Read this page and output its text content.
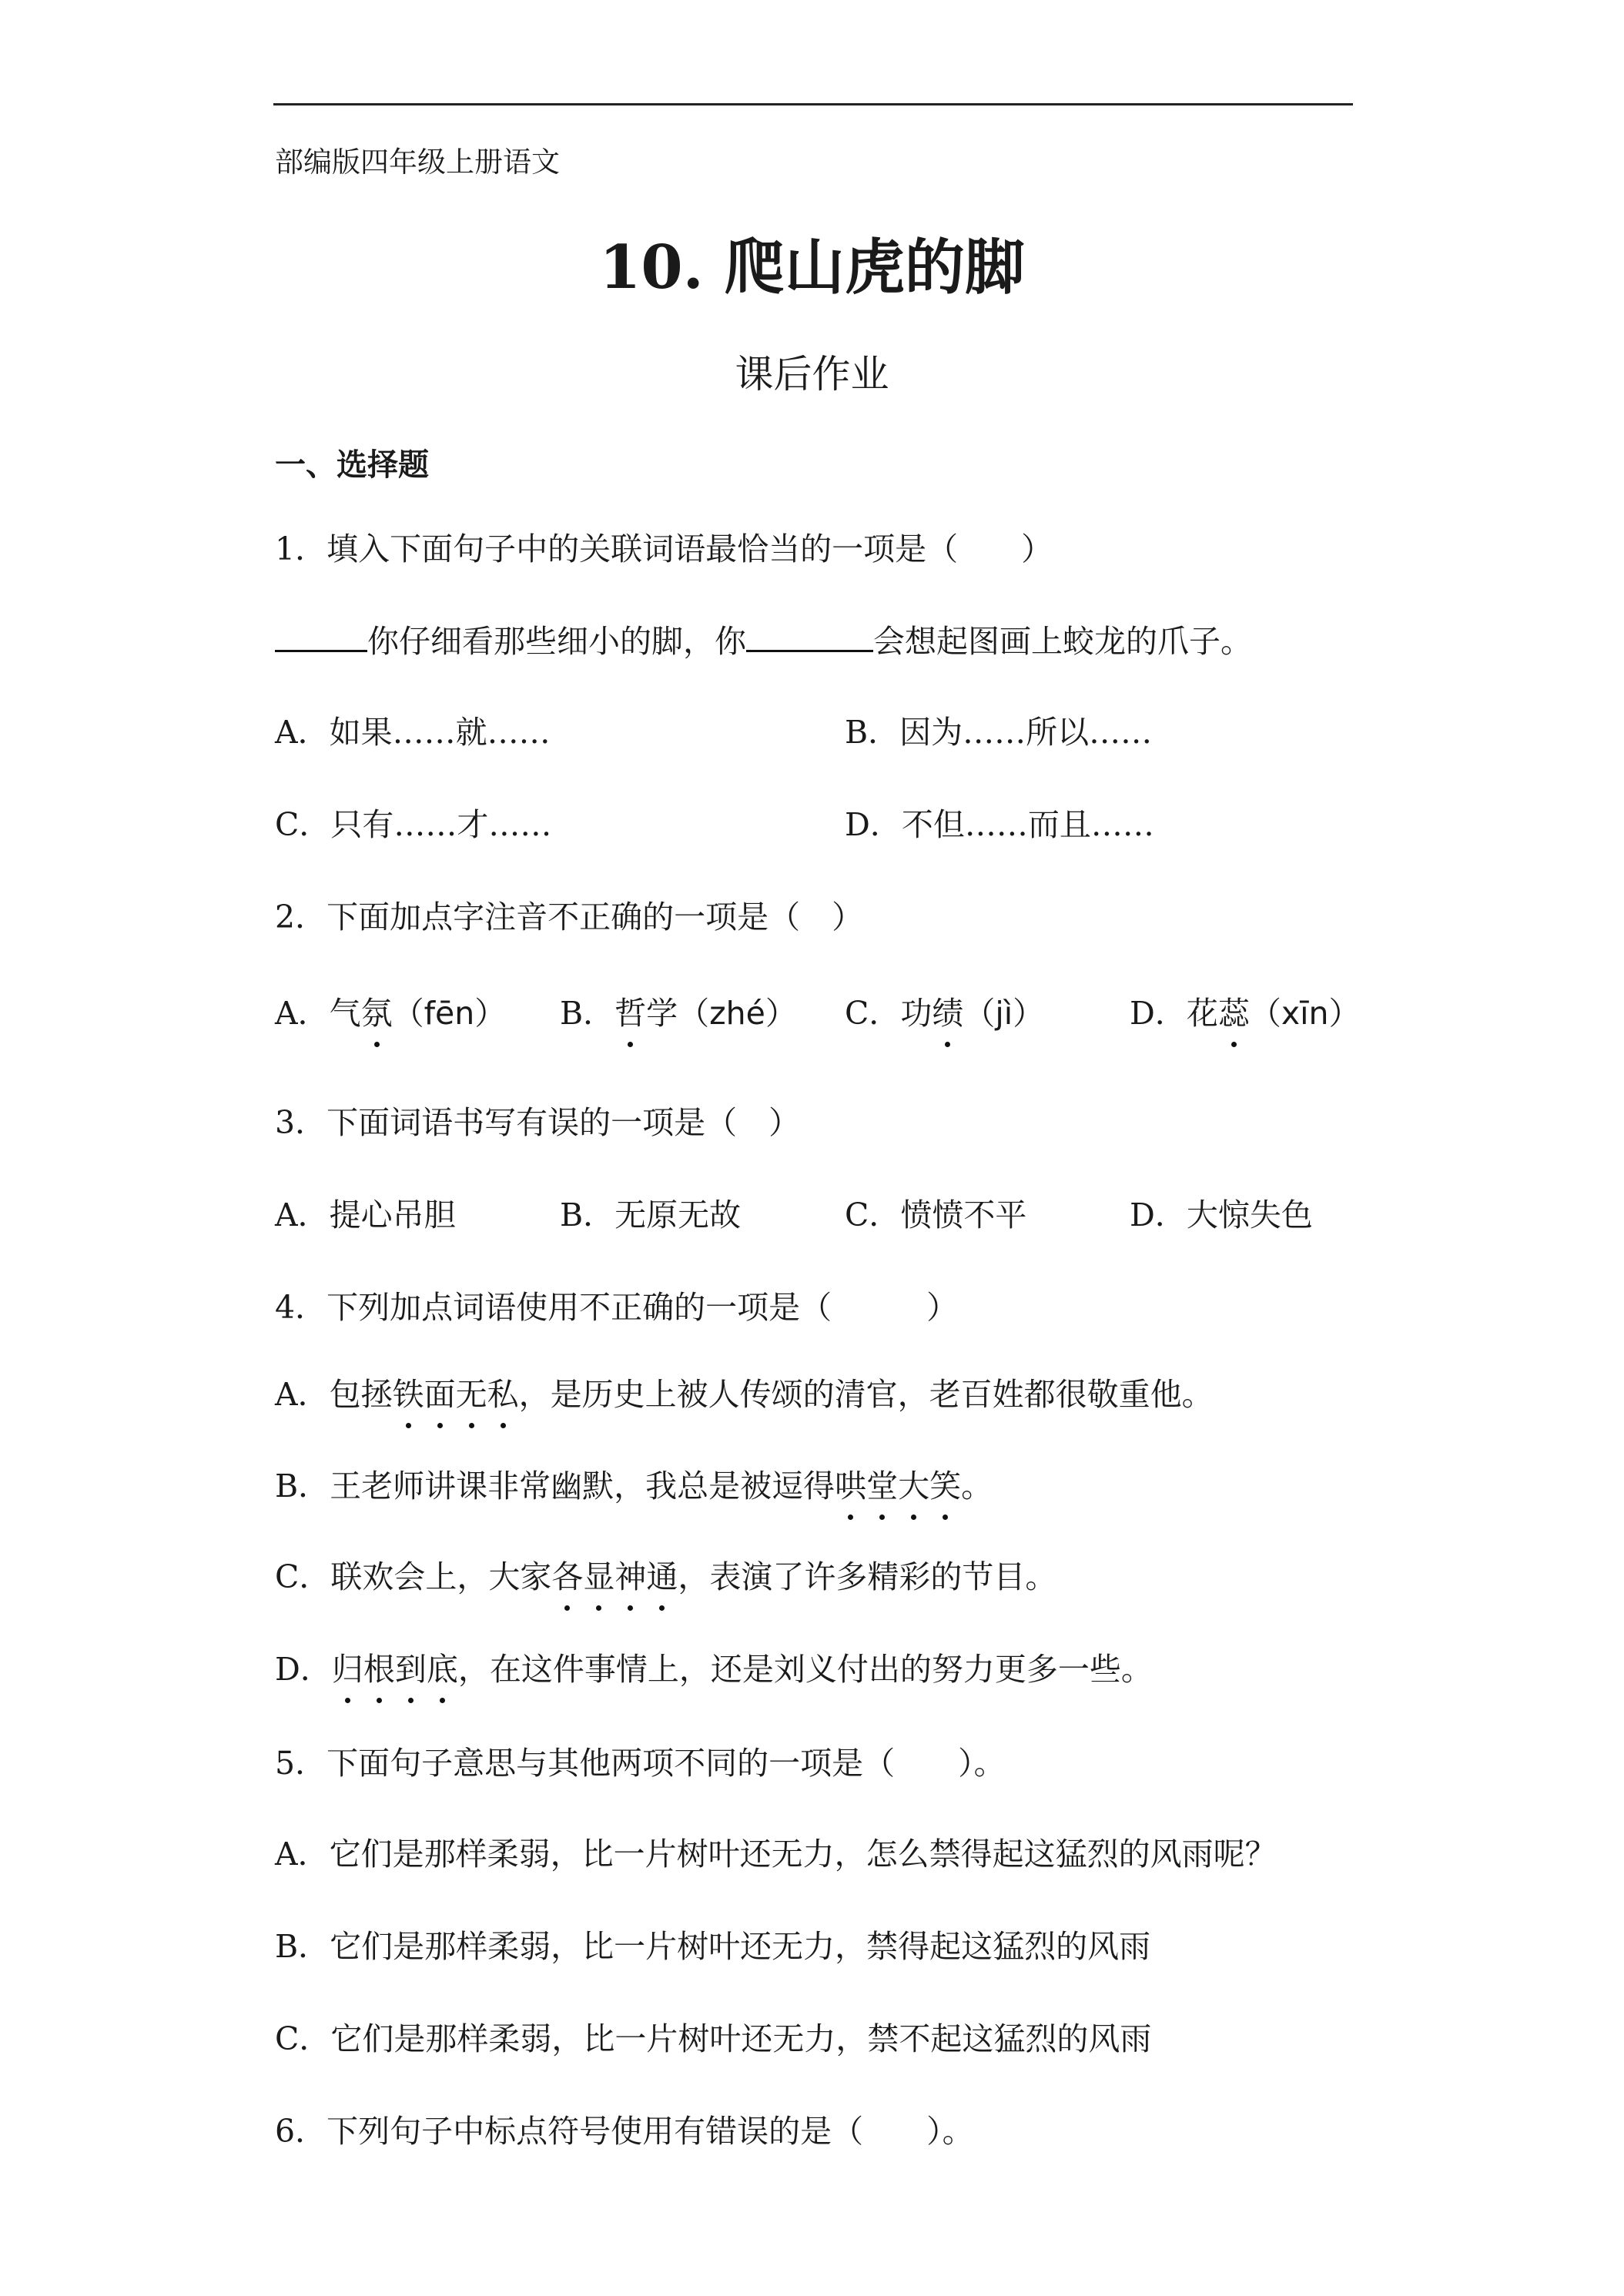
部编版四年级上册语文
10. 爬山虎的脚
课后作业
一、选择题
1．填入下面句子中的关联词语最恰当的一项是（　　）
你仔细看那些细小的脚，你	会想起图画上蛟龙的爪子。
A．如果……就……	B．因为……所以……
C．只有……才……	D．不但……而且……
2．下面加点字注音不正确的一项是（　）
A．气氛（fēn） B．哲学（zhé） C．功绩（jì）	D．花蕊（xīn）
3．下面词语书写有误的一项是（　）
A．提心吊胆	B．无原无故	C．愤愤不平	D．大惊失色
4．下列加点词语使用不正确的一项是（　　　）
A．包拯铁面无私，是历史上被人传颂的清官，老百姓都很敬重他。
B．王老师讲课非常幽默，我总是被逗得哄堂大笑。
C．联欢会上，大家各显神通，表演了许多精彩的节目。
D．归根到底，在这件事情上，还是刘义付出的努力更多一些。
5．下面句子意思与其他两项不同的一项是（　　）。
A．它们是那样柔弱，比一片树叶还无力，怎么禁得起这猛烈的风雨呢？
B．它们是那样柔弱，比一片树叶还无力，禁得起这猛烈的风雨
C．它们是那样柔弱，比一片树叶还无力，禁不起这猛烈的风雨
6．下列句子中标点符号使用有错误的是（　　）。
